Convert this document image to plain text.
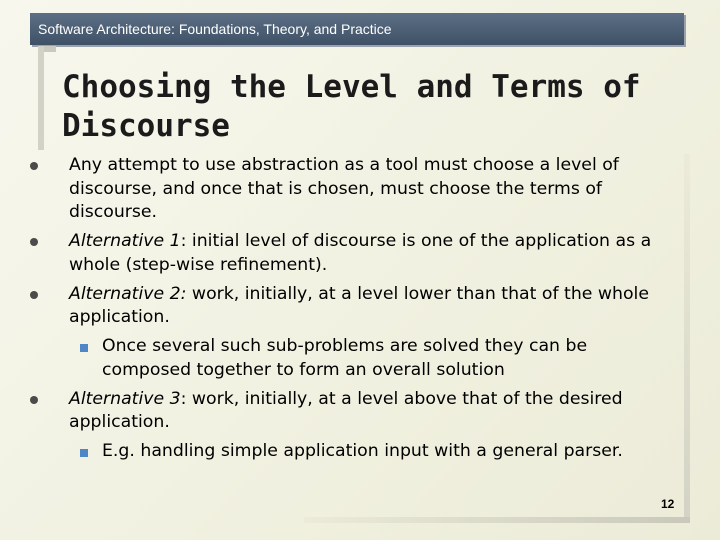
Software Architecture: Foundations, Theory, and Practice
Choosing the Level and Terms of
Discourse
Any attempt to use abstraction as a tool must choose a level of discourse, and once that is chosen, must choose the terms of discourse.
Alternative 1: initial level of discourse is one of the application as a whole (step-wise refinement).
Alternative 2: work, initially, at a level lower than that of the whole application.
Once several such sub-problems are solved they can be composed together to form an overall solution
Alternative 3: work, initially, at a level above that of the desired application.
E.g. handling simple application input with a general parser.
12
